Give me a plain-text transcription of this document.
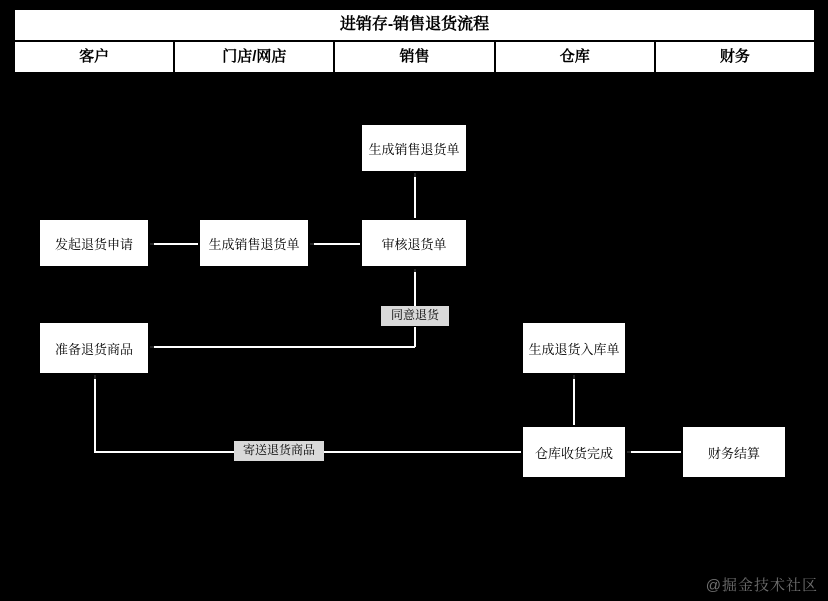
进销存-销售退货流程
客户	门店/网店	销售	仓库	财务
生成销售退货单
发起退货申请	生成销售退货单	审核退货单
准备退货商品	生成退货入库单
仓库收货完成	财务结算
同意退货
寄送退货商品
@掘金技术社区
